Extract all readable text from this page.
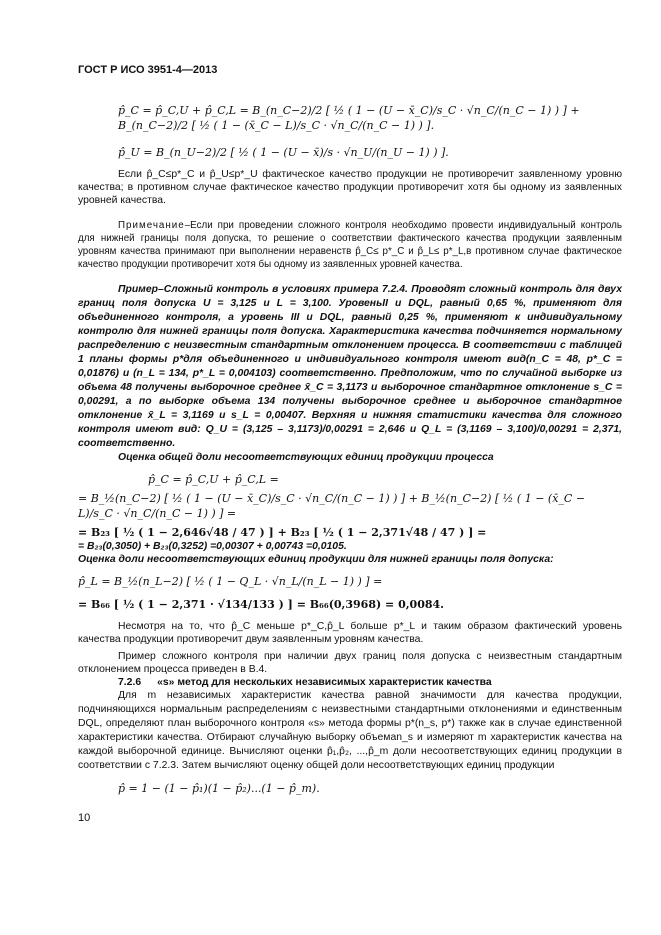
ГОСТ Р ИСО 3951-4—2013
p̂_C = p̂_C,U + p̂_C,L = B_(n_C−2)/2 [ ½ ( 1 − (U − x̄_C)/s_C · √n_C/(n_C − 1) ) ] + B_(n_C−2)/2 [ ½ ( 1 − (x̄_C − L)/s_C · √n_C/(n_C − 1) ) ].
p̂_U = B_(n_U−2)/2 [ ½ ( 1 − (U − x̄)/s · √n_U/(n_U − 1) ) ].
Если p̂_C≤p*_C и p̂_U≤p*_U фактическое качество продукции не противоречит заявленному уровню качества; в противном случае фактическое качество продукции противоречит хотя бы одному из заявленных уровней качества.
Примечание–Если при проведении сложного контроля необходимо провести индивидуальный контроль для нижней границы поля допуска, то решение о соответствии фактического качества продукции заявленным уровням качества принимают при выполнении неравенств p̂_C≤ p*_C и p̂_L≤ p*_L,в противном случае фактическое качество продукции противоречит хотя бы одному из заявленных уровней качества.
Пример–Сложный контроль в условиях примера 7.2.4. Проводят сложный контроль для двух границ поля допуска U = 3,125 и L = 3,100. УровеньII и DQL, равный 0,65 %, применяют для объединенного контроля, а уровень III и DQL, равный 0,25 %, применяют к индивидуальному контролю для нижней границы поля допуска. Характеристика качества подчиняется нормальному распределению с неизвестным стандартным отклонением процесса. В соответствии с таблицей 1 планы формы p*для объединенного и индивидуального контроля имеют вид(n_C = 48, p*_C = 0,01876) и (n_L = 134, p*_L = 0,004103) соответственно. Предположим, что по случайной выборке из объема 48 получены выборочное среднее x̄_C = 3,1173 и выборочное стандартное отклонение s_C = 0,00291, а по выборке объема 134 получены выборочное среднее и выборочное стандартное отклонение x̄_L = 3,1169 и s_L = 0,00407. Верхняя и нижняя статистики качества для сложного контроля имеют вид: Q_U = (3,125 – 3,1173)/0,00291 = 2,646 и Q_L = (3,1169 – 3,100)/0,00291 = 2,371, соответственно.
Оценка общей доли несоответствующих единиц продукции процесса
p̂_C = p̂_C,U + p̂_C,L =
= B_½(n_C−2) [ ½ ( 1 − (U − x̄_C)/s_C · √n_C/(n_C − 1) ) ] + B_½(n_C−2) [ ½ ( 1 − (x̄_C − L)/s_C · √n_C/(n_C − 1) ) ] =
= B₂₃ [ ½ ( 1 − 2,646√48 / 47 ) ] + B₂₃ [ ½ ( 1 − 2,371√48 / 47 ) ] =
= B₂₃(0,3050) + B₂₃(0,3252) =0,00307 + 0,00743 =0,0105.
Оценка доли несоответствующих единиц продукции для нижней границы поля допуска:
p̂_L = B_½(n_L−2) [ ½ ( 1 − Q_L · √n_L/(n_L − 1) ) ] =
= B₆₆ [ ½ ( 1 − 2,371 · √134/133 ) ] = B₆₆(0,3968) = 0,0084.
Несмотря на то, что p̂_C меньше p*_C,p̂_L больше p*_L и таким образом фактический уровень качества продукции противоречит двум заявленным уровням качества.
Пример сложного контроля при наличии двух границ поля допуска с неизвестным стандартным отклонением процесса приведен в В.4.
7.2.6 «s» метод для нескольких независимых характеристик качества
Для m независимых характеристик качества равной значимости для качества продукции, подчиняющихся нормальным распределениям с неизвестными стандартными отклонениями и единственным DQL, определяют план выборочного контроля «s» метода формы p*(n_s, p*) также как в случае единственной характеристики качества. Отбирают случайную выборку объемаn_s и измеряют m характеристик качества на каждой выборочной единице. Вычисляют оценки p̂₁,p̂₂, ...,p̂_m доли несоответствующих единиц продукции в соответствии с 7.2.3. Затем вычисляют оценку общей доли несоответствующих единиц продукции
p̂ = 1 − (1 − p̂₁)(1 − p̂₂)...(1 − p̂_m).
10
